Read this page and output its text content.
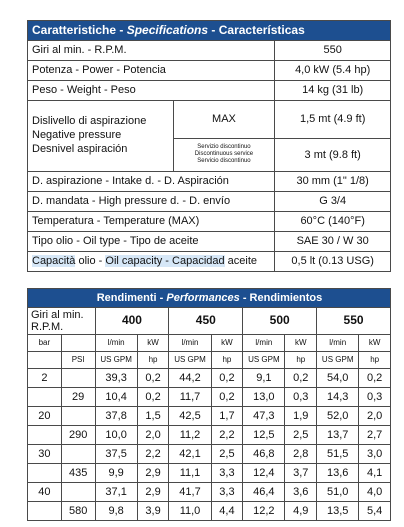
Caratteristiche - Specifications - Características		
Giri al min. - R.P.M.		550
Potenza - Power - Potencia		4,0 kW (5.4 hp)
Peso - Weight - Peso		14 kg (31 lb)

Dislivello di aspirazione
Negative pressure
Desnivel aspiración	MAX	1,5 mt (4.9 ft)

	Servizio discontinuo
Discontinuous service
Servicio discontinuo	3 mt (9.8 ft)
D. aspirazione - Intake d. - D. Aspiración		30 mm (1" 1/8)
D. mandata - High pressure d. - D. envío		G 3/4
Temperatura - Temperature (MAX)		60°C (140°F)
Tipo olio - Oil type - Tipo de aceite		SAE 30 / W 30
Capacità olio - Oil capacity - Capacidad aceite		0,5 lt (0.13 USG)
Rendimenti - Performances - Rendimientos									
Giri al min. R.P.M.		400		450		500		550	
bar		l/min	kW	l/min	kW	l/min	kW	l/min	kW
	PSI	US GPM	hp	US GPM	hp	US GPM	hp	US GPM	hp
2		39,3	0,2	44,2	0,2	9,1	0,2	54,0	0,2
	29	10,4	0,2	11,7	0,2	13,0	0,3	14,3	0,3
20		37,8	1,5	42,5	1,7	47,3	1,9	52,0	2,0
	290	10,0	2,0	11,2	2,2	12,5	2,5	13,7	2,7
30		37,5	2,2	42,1	2,5	46,8	2,8	51,5	3,0
	435	9,9	2,9	11,1	3,3	12,4	3,7	13,6	4,1
40		37,1	2,9	41,7	3,3	46,4	3,6	51,0	4,0
	580	9,8	3,9	11,0	4,4	12,2	4,9	13,5	5,4
